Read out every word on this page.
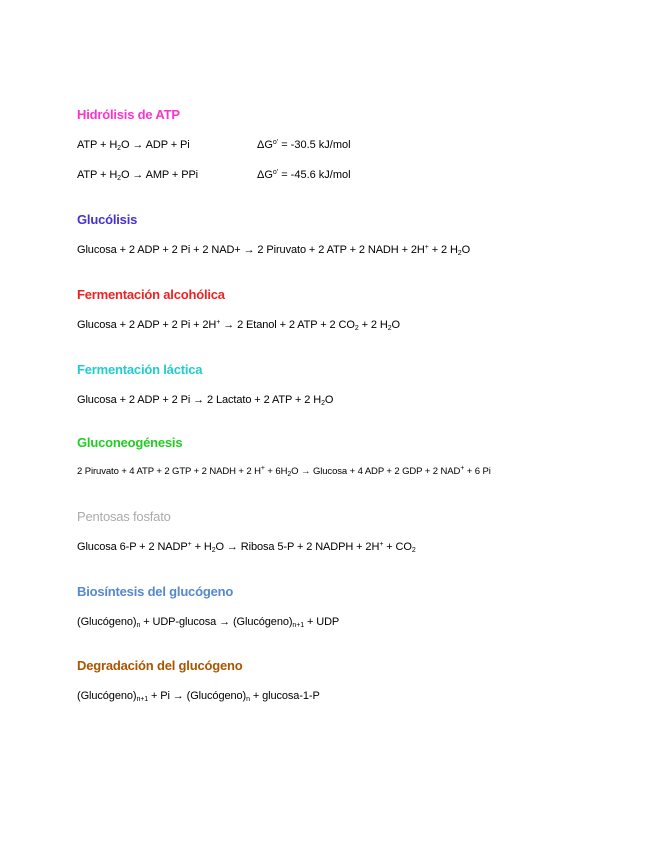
Hidrólisis de ATP
ATP + $H_2O$ → ADP + Pi	$\Delta G^{o'} = -30.5$ kJ/mol
ATP + $H_2O$ → AMP + PPi	$\Delta G^{o'} = -45.6$ kJ/mol
Glucólisis
Glucosa + 2 ADP + 2 Pi + 2 NAD+ → 2 Piruvato + 2 ATP + 2 NADH + 2H+ + 2 $H_2O$
Fermentación alcohólica
Glucosa + 2 ADP + 2 Pi + 2H+ → 2 Etanol + 2 ATP + 2 $CO_2 + 2$ $H_2O$
Fermentación láctica
Glucosa + 2 ADP + 2 Pi → 2 Lactato + 2 ATP + 2 $H_2O$
Gluconeogénesis
2 Piruvato + 4 ATP + 2 GTP + 2 NADH + 2 $H^+ + 6H_2O \to Glucosa + 4$ ADP + 2 GDP + 2 NAD+ + 6 Pi
Pentosas fosfato
Glucosa 6-P + 2 NADP+ + $H_2O$ → Ribosa 5-P + 2 NADPH + $2H^+ + CO_2$
Biosíntesis del glucógeno
$(Glucógeno)_n + UDP-glucosa$ → $(Glucógeno)_{n+1}$ + UDP
Degradación del glucógeno
$(Glucógeno)_{n+1} + Pi$ → $(Glucógeno)_n + glucosa-1-P$
